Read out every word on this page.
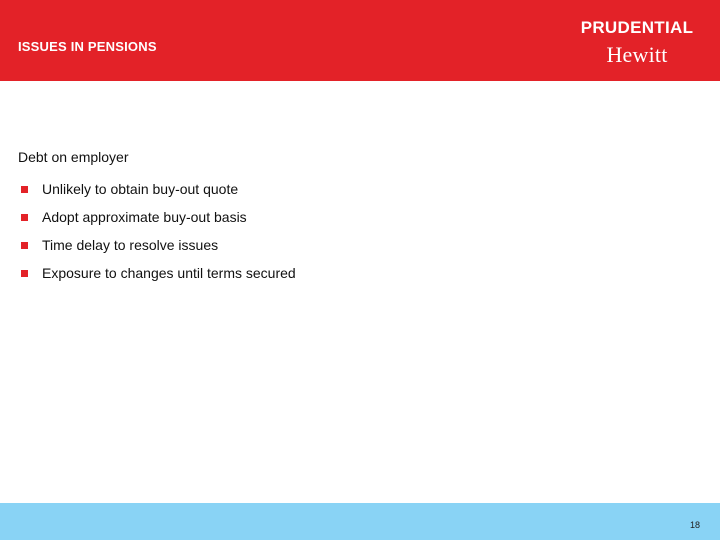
ISSUES IN PENSIONS
PRUDENTIAL
Hewitt
Debt on employer
Unlikely to obtain buy-out quote
Adopt approximate buy-out basis
Time delay to resolve issues
Exposure to changes until terms secured
18
